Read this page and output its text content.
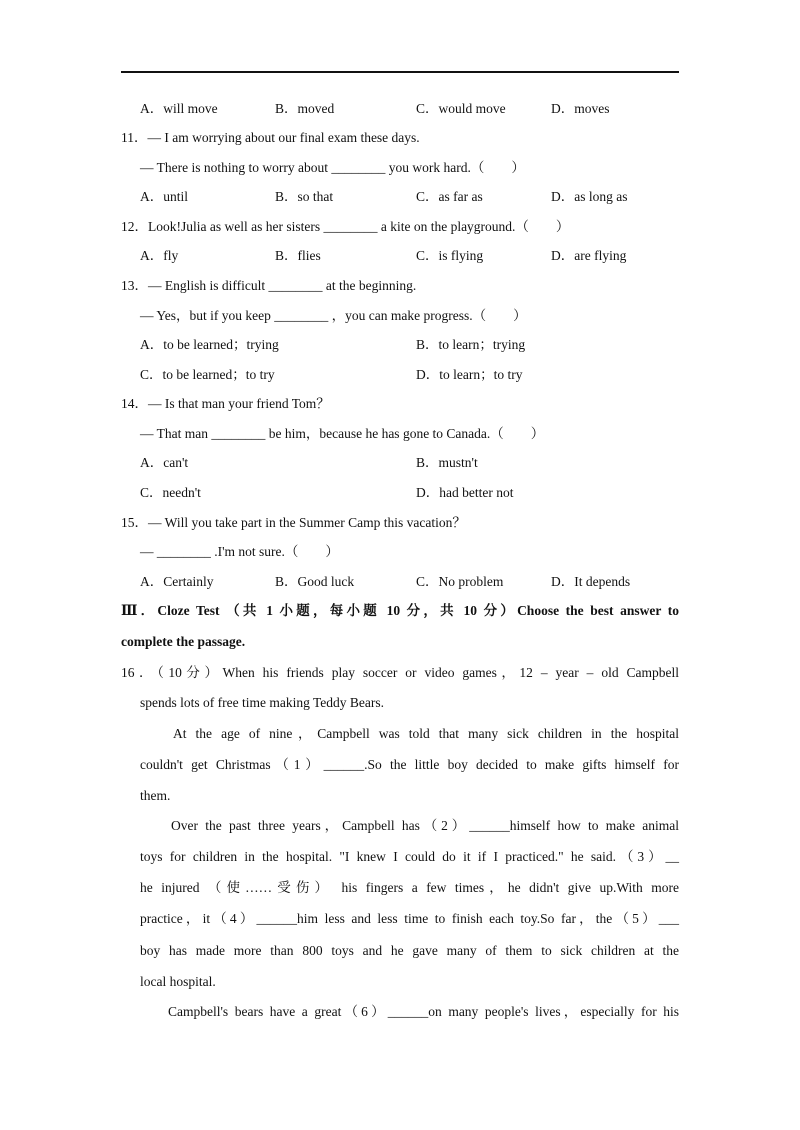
A．will move	B．moved	C．would move	D．moves
11．— I am worrying about our final exam these days.
— There is nothing to worry about ________ you work hard.（　　）
A．until	B．so that	C．as far as	D．as long as
12．Look!Julia as well as her sisters ________ a kite on the playground.（　　）
A．fly	B．flies	C．is flying	D．are flying
13．— English is difficult ________ at the beginning.
— Yes，but if you keep ________ ，you can make progress.（　　）
A．to be learned；trying	B．to learn；trying
C．to be learned；to try	D．to learn；to try
14．— Is that man your friend Tom？
— That man ________ be him，because he has gone to Canada.（　　）
A．can't	B．mustn't
C．needn't	D．had better not
15．— Will you take part in the Summer Camp this vacation？
— ________ .I'm not sure.（　　）
A．Certainly	B．Good luck	C．No problem	D．It depends
Ⅲ．Cloze Test （共 1 小题，每小题 10 分，共 10 分）Choose the best answer to
complete the passage.
16．（10分）When his friends play soccer or video games，12 – year – old Campbell
spends lots of free time making Teddy Bears.
At the age of nine，Campbell was told that many sick children in the hospital
couldn't get Christmas（1）______.So the little boy decided to make gifts himself for
them.
Over the past three years，Campbell has（2）______himself how to make animal
toys for children in the hospital. "I knew I could do it if I practiced." he said.（3）__
he injured （使……受伤） his fingers a few times，he didn't give up.With more
practice，it（4）______him less and less time to finish each toy.So far，the（5）___
boy has made more than 800 toys and he gave many of them to sick children at the
local hospital.
Campbell's bears have a great（6）______on many people's lives，especially for his
